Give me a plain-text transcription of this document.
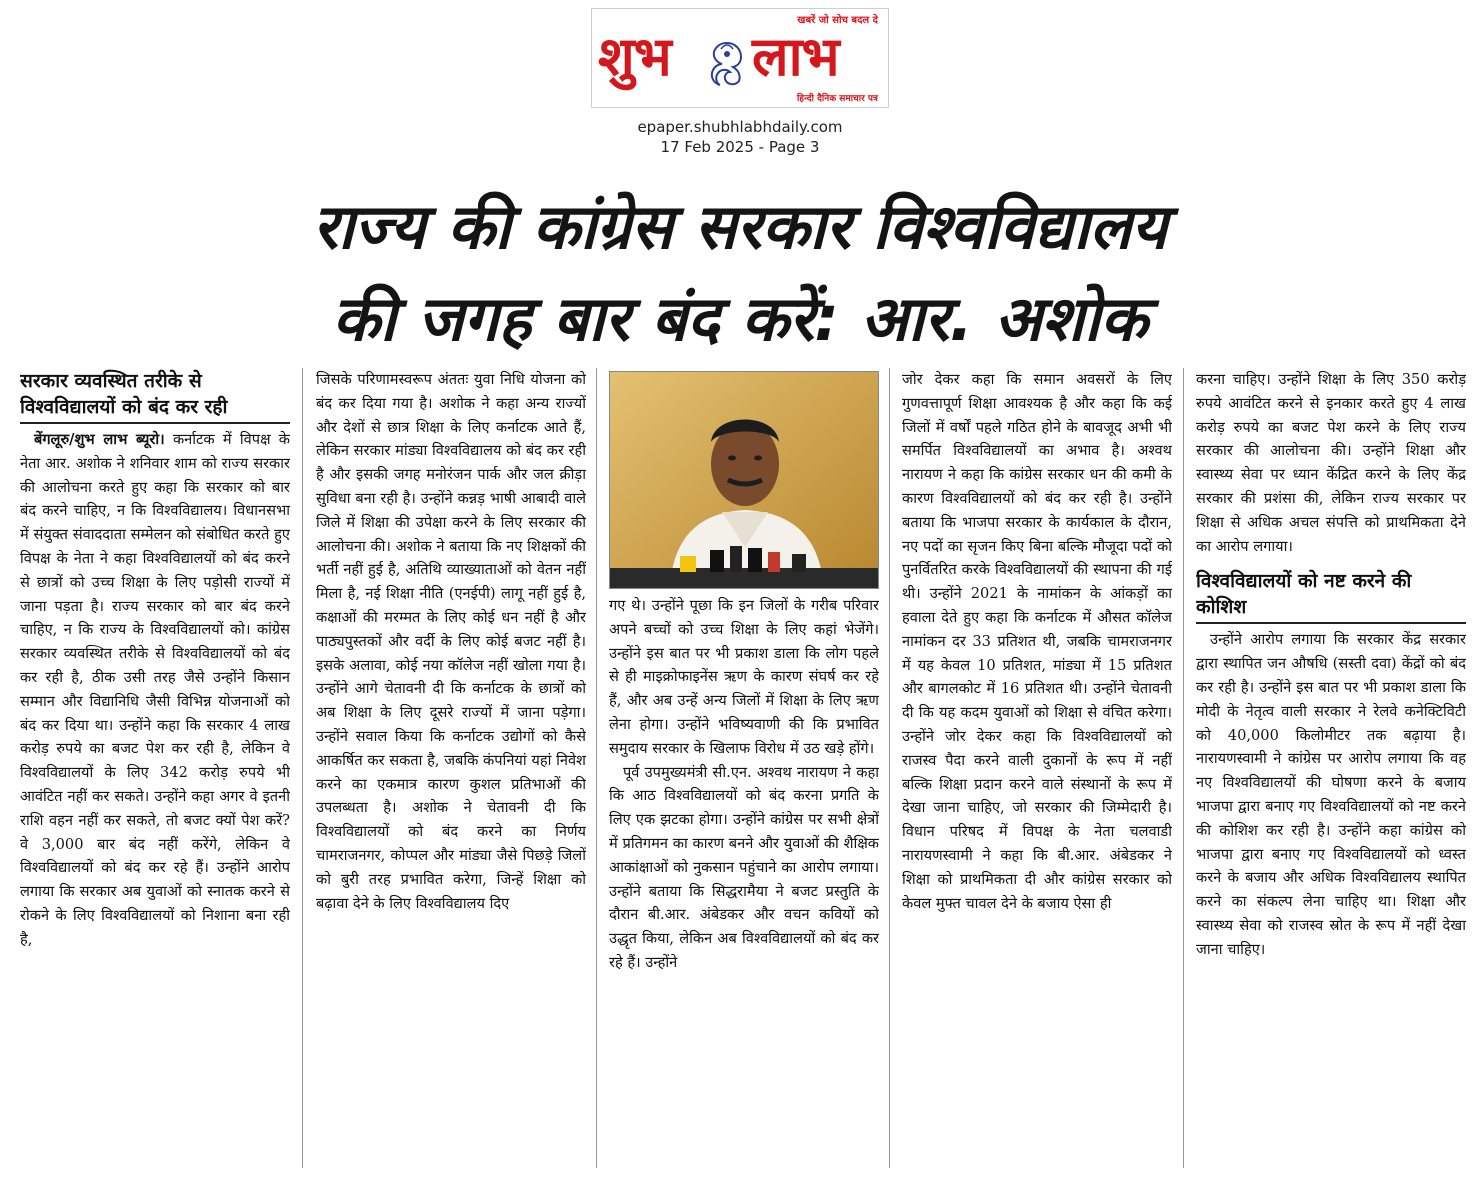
खबरें जो सोच बदल दे
शुभ लाभ
हिन्दी दैनिक समाचार पत्र
epaper.shubhlabhdaily.com
17 Feb 2025 - Page 3
राज्य की कांग्रेस सरकार विश्वविद्यालय
की जगह बार बंद करें: आर. अशोक
सरकार व्यवस्थित तरीके से विश्वविद्यालयों को बंद कर रही

बेंगलूरु/शुभ लाभ ब्यूरो। कर्नाटक में विपक्ष के नेता आर. अशोक ने शनिवार शाम को राज्य सरकार की आलोचना करते हुए कहा कि सरकार को बार बंद करने चाहिए, न कि विश्वविद्यालय। विधानसभा में संयुक्त संवाददाता सम्मेलन को संबोधित करते हुए विपक्ष के नेता ने कहा विश्वविद्यालयों को बंद करने से छात्रों को उच्च शिक्षा के लिए पड़ोसी राज्यों में जाना पड़ता है। राज्य सरकार को बार बंद करने चाहिए, न कि राज्य के विश्वविद्यालयों को। कांग्रेस सरकार व्यवस्थित तरीके से विश्वविद्यालयों को बंद कर रही है, ठीक उसी तरह जैसे उन्होंने किसान सम्मान और विद्यानिधि जैसी विभिन्न योजनाओं को बंद कर दिया था। उन्होंने कहा कि सरकार 4 लाख करोड़ रुपये का बजट पेश कर रही है, लेकिन वे विश्वविद्यालयों के लिए 342 करोड़ रुपये भी आवंटित नहीं कर सकते। उन्होंने कहा अगर वे इतनी राशि वहन नहीं कर सकते, तो बजट क्यों पेश करें? वे 3,000 बार बंद नहीं करेंगे, लेकिन वे विश्वविद्यालयों को बंद कर रहे हैं। उन्होंने आरोप लगाया कि सरकार अब युवाओं को स्नातक करने से रोकने के लिए विश्वविद्यालयों को निशाना बना रही है,

जिसके परिणामस्वरूप अंततः युवा निधि योजना को बंद कर दिया गया है। अशोक ने कहा अन्य राज्यों और देशों से छात्र शिक्षा के लिए कर्नाटक आते हैं, लेकिन सरकार मांड्या विश्वविद्यालय को बंद कर रही है और इसकी जगह मनोरंजन पार्क और जल क्रीड़ा सुविधा बना रही है। उन्होंने कन्नड़ भाषी आबादी वाले जिले में शिक्षा की उपेक्षा करने के लिए सरकार की आलोचना की। अशोक ने बताया कि नए शिक्षकों की भर्ती नहीं हुई है, अतिथि व्याख्याताओं को वेतन नहीं मिला है, नई शिक्षा नीति (एनईपी) लागू नहीं हुई है, कक्षाओं की मरम्मत के लिए कोई धन नहीं है और पाठ्यपुस्तकों और वर्दी के लिए कोई बजट नहीं है। इसके अलावा, कोई नया कॉलेज नहीं खोला गया है। उन्होंने आगे चेतावनी दी कि कर्नाटक के छात्रों को अब शिक्षा के लिए दूसरे राज्यों में जाना पड़ेगा। उन्होंने सवाल किया कि कर्नाटक उद्योगों को कैसे आकर्षित कर सकता है, जबकि कंपनियां यहां निवेश करने का एकमात्र कारण कुशल प्रतिभाओं की उपलब्धता है। अशोक ने चेतावनी दी कि विश्वविद्यालयों को बंद करने का निर्णय चामराजनगर, कोप्पल और मांड्या जैसे पिछड़े जिलों को बुरी तरह प्रभावित करेगा, जिन्हें शिक्षा को बढ़ावा देने के लिए विश्वविद्यालय दिए

गए थे। उन्होंने पूछा कि इन जिलों के गरीब परिवार अपने बच्चों को उच्च शिक्षा के लिए कहां भेजेंगे। उन्होंने इस बात पर भी प्रकाश डाला कि लोग पहले से ही माइक्रोफाइनेंस ऋण के कारण संघर्ष कर रहे हैं, और अब उन्हें अन्य जिलों में शिक्षा के लिए ऋण लेना होगा। उन्होंने भविष्यवाणी की कि प्रभावित समुदाय सरकार के खिलाफ विरोध में उठ खड़े होंगे।

पूर्व उपमुख्यमंत्री सी.एन. अश्वथ नारायण ने कहा कि आठ विश्वविद्यालयों को बंद करना प्रगति के लिए एक झटका होगा। उन्होंने कांग्रेस पर सभी क्षेत्रों में प्रतिगमन का कारण बनने और युवाओं की शैक्षिक आकांक्षाओं को नुकसान पहुंचाने का आरोप लगाया। उन्होंने बताया कि सिद्धरामैया ने बजट प्रस्तुति के दौरान बी.आर. अंबेडकर और वचन कवियों को उद्धृत किया, लेकिन अब विश्वविद्यालयों को बंद कर रहे हैं। उन्होंने

जोर देकर कहा कि समान अवसरों के लिए गुणवत्तापूर्ण शिक्षा आवश्यक है और कहा कि कई जिलों में वर्षों पहले गठित होने के बावजूद अभी भी समर्पित विश्वविद्यालयों का अभाव है। अश्वथ नारायण ने कहा कि कांग्रेस सरकार धन की कमी के कारण विश्वविद्यालयों को बंद कर रही है। उन्होंने बताया कि भाजपा सरकार के कार्यकाल के दौरान, नए पदों का सृजन किए बिना बल्कि मौजूदा पदों को पुनर्वितरित करके विश्वविद्यालयों की स्थापना की गई थी। उन्होंने 2021 के नामांकन के आंकड़ों का हवाला देते हुए कहा कि कर्नाटक में औसत कॉलेज नामांकन दर 33 प्रतिशत थी, जबकि चामराजनगर में यह केवल 10 प्रतिशत, मांड्या में 15 प्रतिशत और बागलकोट में 16 प्रतिशत थी। उन्होंने चेतावनी दी कि यह कदम युवाओं को शिक्षा से वंचित करेगा। उन्होंने जोर देकर कहा कि विश्वविद्यालयों को राजस्व पैदा करने वाली दुकानों के रूप में नहीं बल्कि शिक्षा प्रदान करने वाले संस्थानों के रूप में देखा जाना चाहिए, जो सरकार की जिम्मेदारी है। विधान परिषद में विपक्ष के नेता चलवाडी नारायणस्वामी ने कहा कि बी.आर. अंबेडकर ने शिक्षा को प्राथमिकता दी और कांग्रेस सरकार को केवल मुफ्त चावल देने के बजाय ऐसा ही

करना चाहिए। उन्होंने शिक्षा के लिए 350 करोड़ रुपये आवंटित करने से इनकार करते हुए 4 लाख करोड़ रुपये का बजट पेश करने के लिए राज्य सरकार की आलोचना की। उन्होंने शिक्षा और स्वास्थ्य सेवा पर ध्यान केंद्रित करने के लिए केंद्र सरकार की प्रशंसा की, लेकिन राज्य सरकार पर शिक्षा से अधिक अचल संपत्ति को प्राथमिकता देने का आरोप लगाया।

विश्वविद्यालयों को नष्ट करने की कोशिश

उन्होंने आरोप लगाया कि सरकार केंद्र सरकार द्वारा स्थापित जन औषधि (सस्ती दवा) केंद्रों को बंद कर रही है। उन्होंने इस बात पर भी प्रकाश डाला कि मोदी के नेतृत्व वाली सरकार ने रेलवे कनेक्टिविटी को 40,000 किलोमीटर तक बढ़ाया है। नारायणस्वामी ने कांग्रेस पर आरोप लगाया कि वह नए विश्वविद्यालयों की घोषणा करने के बजाय भाजपा द्वारा बनाए गए विश्वविद्यालयों को नष्ट करने की कोशिश कर रही है। उन्होंने कहा कांग्रेस को भाजपा द्वारा बनाए गए विश्वविद्यालयों को ध्वस्त करने के बजाय और अधिक विश्वविद्यालय स्थापित करने का संकल्प लेना चाहिए था। शिक्षा और स्वास्थ्य सेवा को राजस्व स्रोत के रूप में नहीं देखा जाना चाहिए।
